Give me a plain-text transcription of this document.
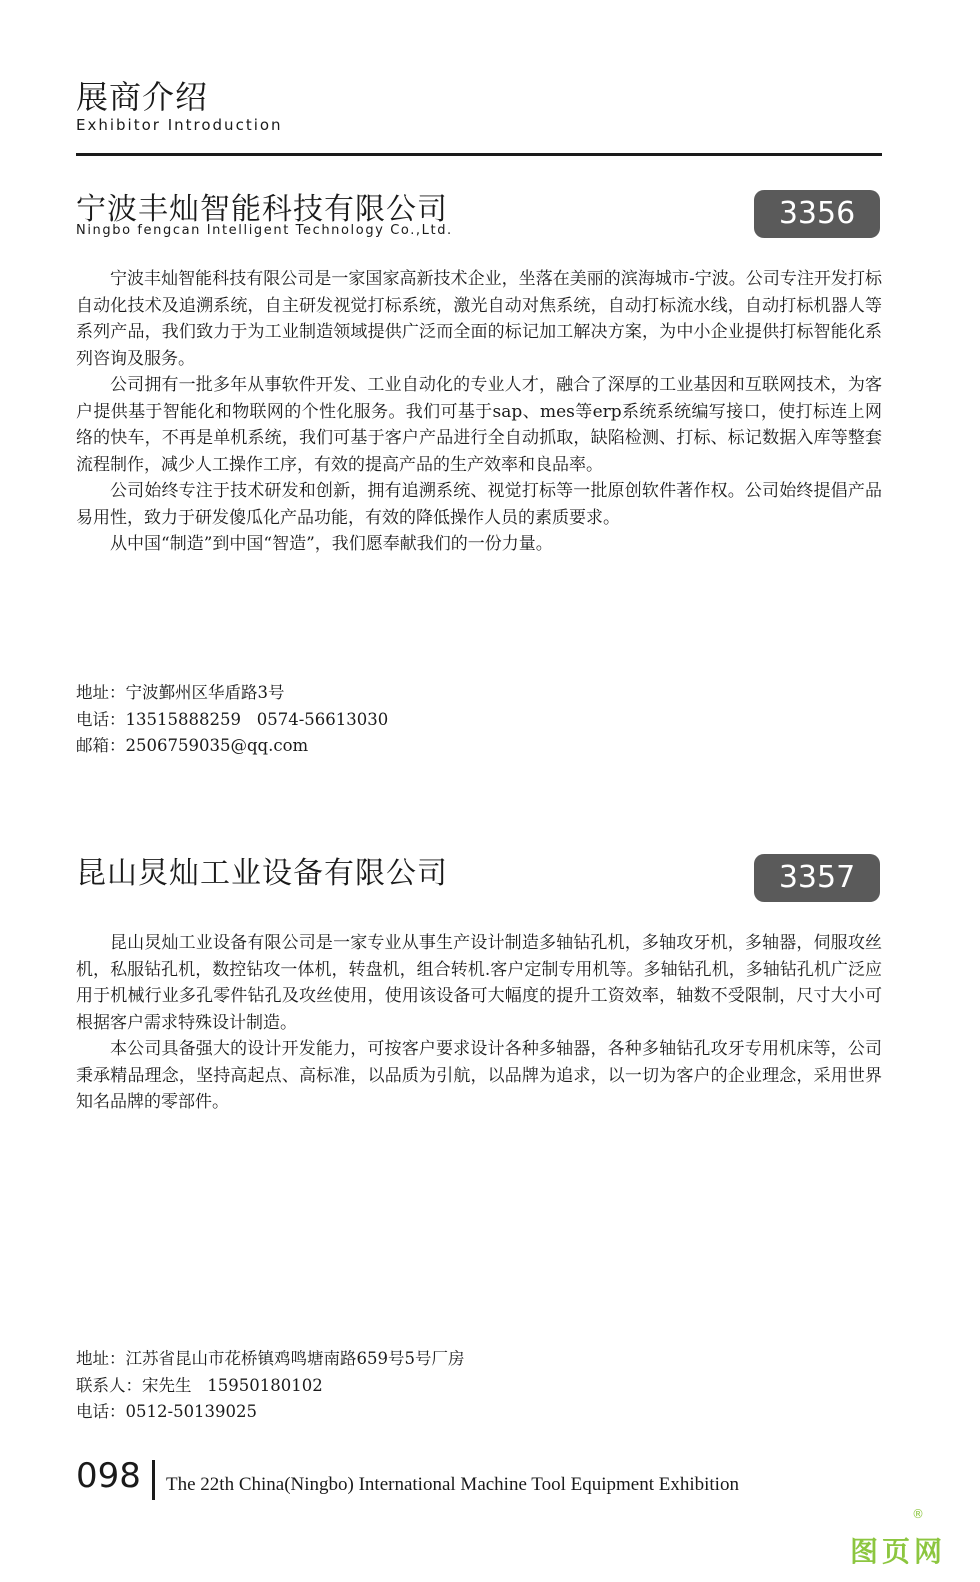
展商介绍
Exhibitor Introduction
宁波丰灿智能科技有限公司
Ningbo fengcan Intelligent Technology Co.,Ltd.	3356

宁波丰灿智能科技有限公司是一家国家高新技术企业，坐落在美丽的滨海城市-宁波。公司专注开发打标自动化技术及追溯系统，自主研发视觉打标系统，激光自动对焦系统，自动打标流水线，自动打标机器人等系列产品，我们致力于为工业制造领域提供广泛而全面的标记加工解决方案，为中小企业提供打标智能化系列咨询及服务。

公司拥有一批多年从事软件开发、工业自动化的专业人才，融合了深厚的工业基因和互联网技术，为客户提供基于智能化和物联网的个性化服务。我们可基于sap、mes等erp系统系统编写接口，使打标连上网络的快车，不再是单机系统，我们可基于客户产品进行全自动抓取，缺陷检测、打标、标记数据入库等整套流程制作，减少人工操作工序，有效的提高产品的生产效率和良品率。

公司始终专注于技术研发和创新，拥有追溯系统、视觉打标等一批原创软件著作权。公司始终提倡产品易用性，致力于研发傻瓜化产品功能，有效的降低操作人员的素质要求。

从中国“制造”到中国“智造”，我们愿奉献我们的一份力量。

地址：宁波鄞州区华盾路3号
电话：13515888259   0574-56613030
邮箱：2506759035@qq.com
昆山炅灿工业设备有限公司	3357

昆山炅灿工业设备有限公司是一家专业从事生产设计制造多轴钻孔机，多轴攻牙机，多轴器，伺服攻丝机，私服钻孔机，数控钻攻一体机，转盘机，组合转机.客户定制专用机等。多轴钻孔机，多轴钻孔机广泛应用于机械行业多孔零件钻孔及攻丝使用，使用该设备可大幅度的提升工资效率，轴数不受限制，尺寸大小可根据客户需求特殊设计制造。

本公司具备强大的设计开发能力，可按客户要求设计各种多轴器，各种多轴钻孔攻牙专用机床等，公司秉承精品理念，坚持高起点、高标准，以品质为引航，以品牌为追求，以一切为客户的企业理念，采用世界知名品牌的零部件。

地址：江苏省昆山市花桥镇鸡鸣塘南路659号5号厂房
联系人：宋先生   15950180102
电话：0512-50139025
098 The 22th China(Ningbo) International Machine Tool Equipment Exhibition
®
图页网
